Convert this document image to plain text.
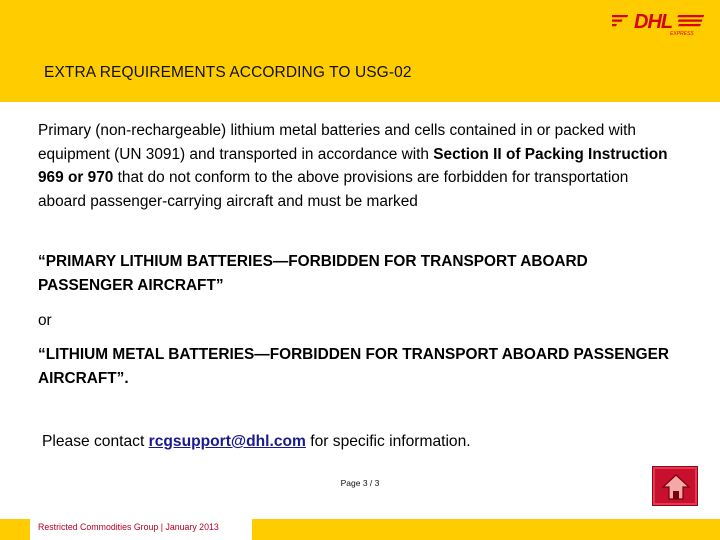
DHL
EXPRESS
EXTRA REQUIREMENTS ACCORDING TO USG-02
Primary (non-rechargeable) lithium metal batteries and cells contained in or packed with equipment (UN 3091) and transported in accordance with Section II of Packing Instruction 969 or 970 that do not conform to the above provisions are forbidden for transportation aboard passenger-carrying aircraft and must be marked
“PRIMARY LITHIUM BATTERIES—FORBIDDEN FOR TRANSPORT ABOARD PASSENGER AIRCRAFT”
or
“LITHIUM METAL BATTERIES—FORBIDDEN FOR TRANSPORT ABOARD PASSENGER AIRCRAFT”.
Please contact rcgsupport@dhl.com for specific information.
Page 3 / 3
Restricted Commodities Group | January 2013
